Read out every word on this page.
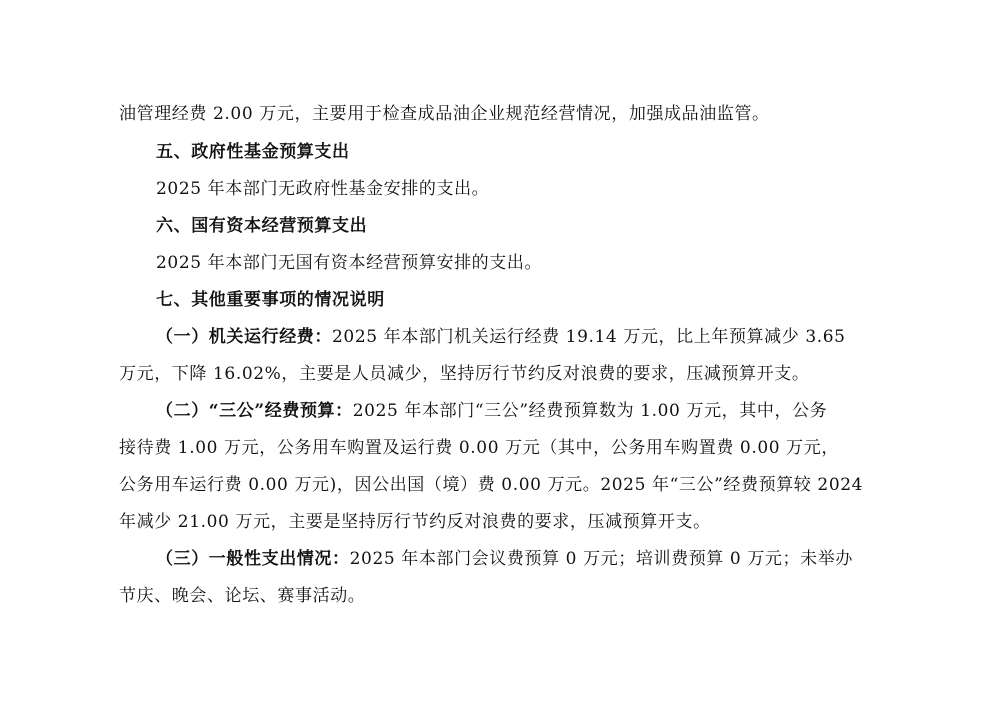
油管理经费 2.00 万元，主要用于检查成品油企业规范经营情况，加强成品油监管。
五、政府性基金预算支出
2025 年本部门无政府性基金安排的支出。
六、国有资本经营预算支出
2025 年本部门无国有资本经营预算安排的支出。
七、其他重要事项的情况说明
（一）机关运行经费：2025 年本部门机关运行经费 19.14 万元，比上年预算减少 3.65
万元，下降 16.02%，主要是人员减少，坚持厉行节约反对浪费的要求，压减预算开支。
（二）“三公”经费预算：2025 年本部门“三公”经费预算数为 1.00 万元，其中，公务
接待费 1.00 万元，公务用车购置及运行费 0.00 万元（其中，公务用车购置费 0.00 万元，
公务用车运行费 0.00 万元)，因公出国（境）费 0.00 万元。2025 年“三公”经费预算较 2024
年减少 21.00 万元，主要是坚持厉行节约反对浪费的要求，压减预算开支。
（三）一般性支出情况：2025 年本部门会议费预算 0 万元；培训费预算 0 万元；未举办
节庆、晚会、论坛、赛事活动。
